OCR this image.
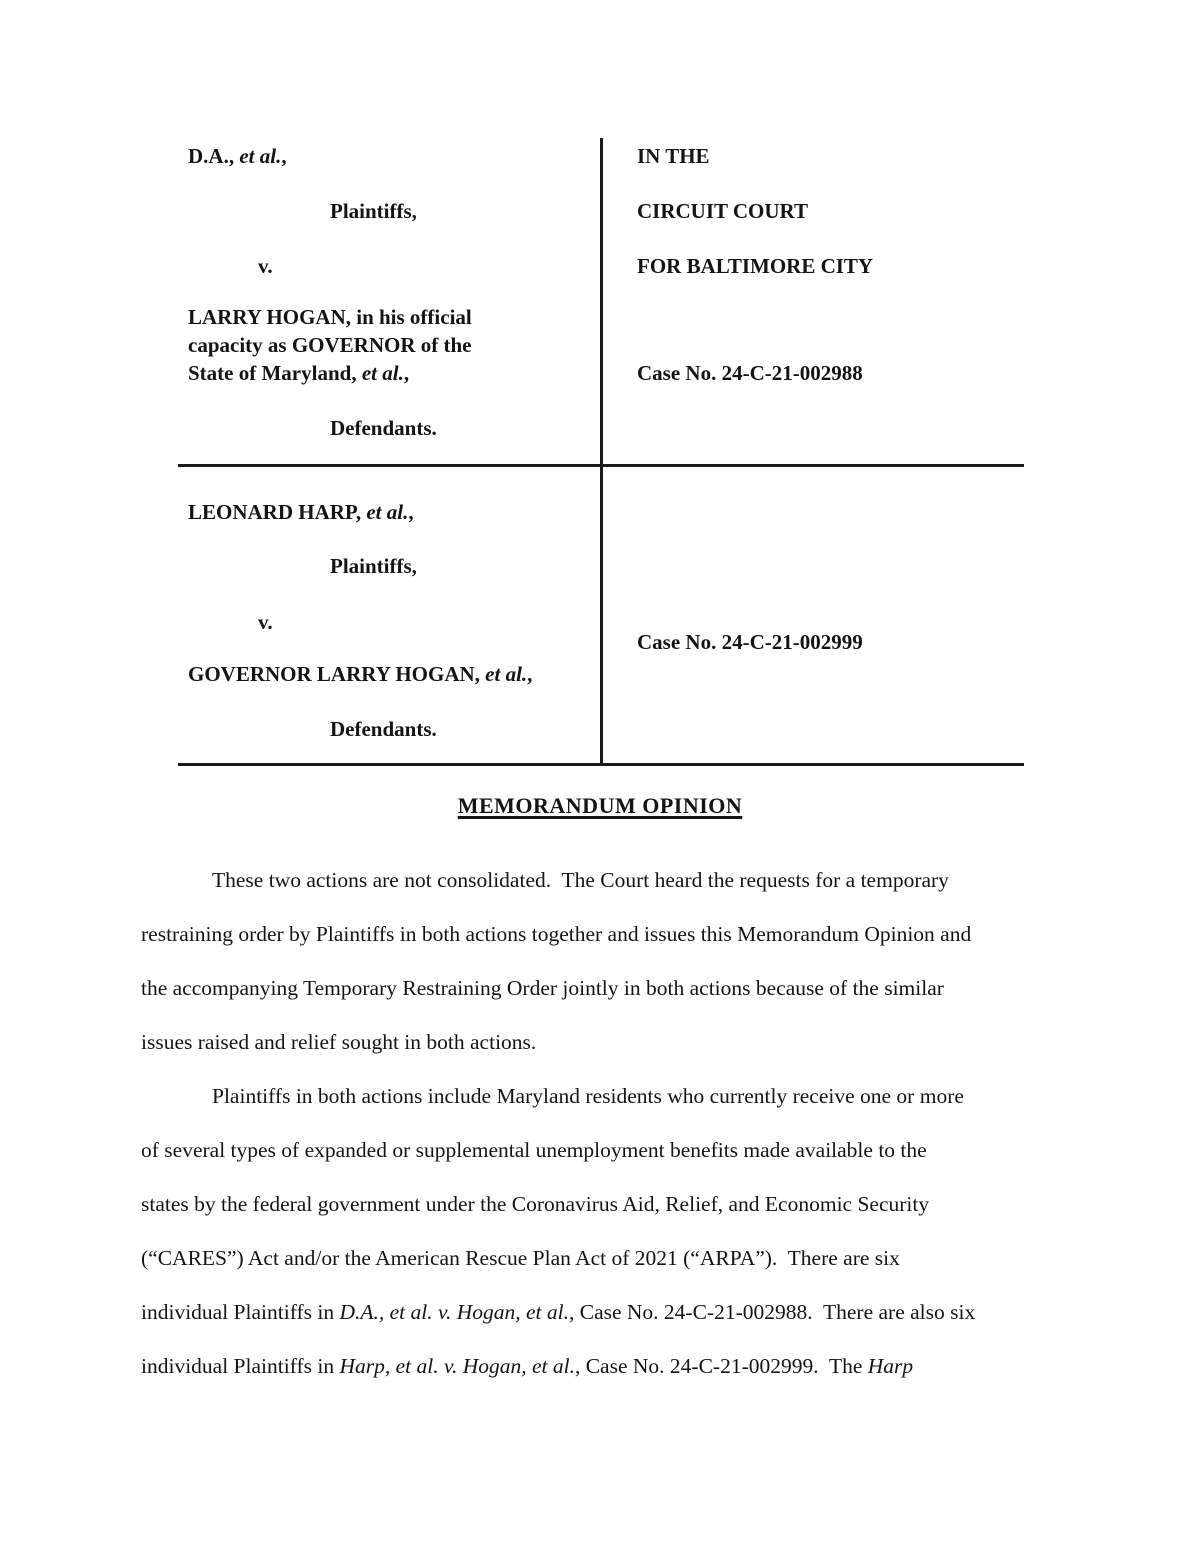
D.A., et al.,
Plaintiffs,
v.
LARRY HOGAN, in his official
capacity as GOVERNOR of the
State of Maryland, et al.,
Defendants.
IN THE
CIRCUIT COURT
FOR BALTIMORE CITY
Case No. 24-C-21-002988
LEONARD HARP, et al.,
Plaintiffs,
v.
GOVERNOR LARRY HOGAN, et al.,
Defendants.
Case No. 24-C-21-002999
MEMORANDUM OPINION
These two actions are not consolidated.  The Court heard the requests for a temporary
restraining order by Plaintiffs in both actions together and issues this Memorandum Opinion and
the accompanying Temporary Restraining Order jointly in both actions because of the similar
issues raised and relief sought in both actions.
Plaintiffs in both actions include Maryland residents who currently receive one or more
of several types of expanded or supplemental unemployment benefits made available to the
states by the federal government under the Coronavirus Aid, Relief, and Economic Security
(“CARES”) Act and/or the American Rescue Plan Act of 2021 (“ARPA”).  There are six
individual Plaintiffs in D.A., et al. v. Hogan, et al., Case No. 24-C-21-002988.  There are also six
individual Plaintiffs in Harp, et al. v. Hogan, et al., Case No. 24-C-21-002999.  The Harp
